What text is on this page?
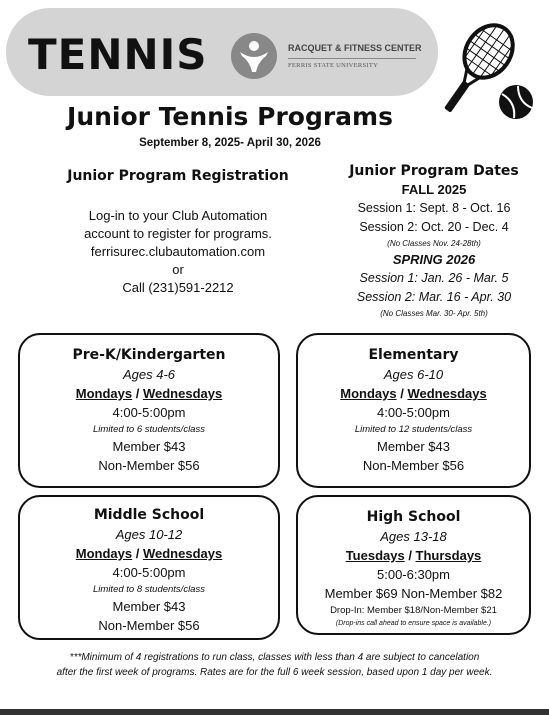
TENNIS	RACQUET & FITNESS CENTER
FERRIS STATE UNIVERSITY
Junior Tennis Programs
September 8, 2025- April 30, 2026
Junior Program Registration
Log-in to your Club Automation
account to register for programs.
ferrisurec.clubautomation.com
or
Call (231)591-2212
Junior Program Dates
FALL 2025
Session 1: Sept. 8 - Oct. 16
Session 2: Oct. 20 - Dec. 4
(No Classes Nov. 24-28th)
SPRING 2026
Session 1: Jan. 26 - Mar. 5
Session 2: Mar. 16 - Apr. 30
(No Classes Mar. 30- Apr. 5th)
Pre-K/Kindergarten
Ages 4-6
Mondays / Wednesdays
4:00-5:00pm
Limited to 6 students/class
Member $43
Non-Member $56
Elementary
Ages 6-10
Mondays / Wednesdays
4:00-5:00pm
Limited to 12 students/class
Member $43
Non-Member $56
Middle School
Ages 10-12
Mondays / Wednesdays
4:00-5:00pm
Limited to 8 students/class
Member $43
Non-Member $56
High School
Ages 13-18
Tuesdays / Thursdays
5:00-6:30pm
Member $69 Non-Member $82
Drop-In: Member $18/Non-Member $21
(Drop-ins call ahead to ensure space is available.)
***Minimum of 4 registrations to run class, classes with less than 4 are subject to cancelation
after the first week of programs. Rates are for the full 6 week session, based upon 1 day per week.
